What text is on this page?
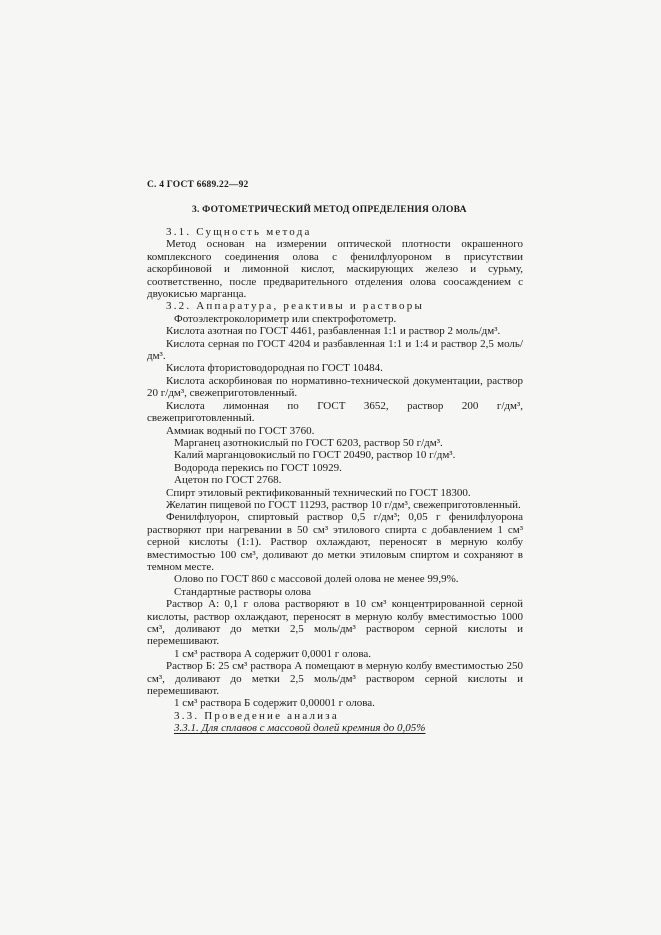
С. 4 ГОСТ 6689.22—92
3. ФОТОМЕТРИЧЕСКИЙ МЕТОД ОПРЕДЕЛЕНИЯ ОЛОВА

3.1. Сущность метода

Метод основан на измерении оптической плотности окрашенного комплексного соединения олова с фенилфлуороном в присутствии аскорбиновой и лимонной кислот, маскирующих железо и сурьму, соответственно, после предварительного отделения олова соосаждением с двуокисью марганца.

3.2. Аппаратура, реактивы и растворы

Фотоэлектроколориметр или спектрофотометр.

Кислота азотная по ГОСТ 4461, разбавленная 1:1 и раствор 2 моль/дм³.

Кислота серная по ГОСТ 4204 и разбавленная 1:1 и 1:4 и раствор 2,5 моль/дм³.

Кислота фтористоводородная по ГОСТ 10484.

Кислота аскорбиновая по нормативно-технической документации, раствор 20 г/дм³, свежеприготовленный.

Кислота лимонная по ГОСТ 3652, раствор 200 г/дм³, свежеприготовленный.

Аммиак водный по ГОСТ 3760.

Марганец азотнокислый по ГОСТ 6203, раствор 50 г/дм³.

Калий марганцовокислый по ГОСТ 20490, раствор 10 г/дм³.

Водорода перекись по ГОСТ 10929.

Ацетон по ГОСТ 2768.

Спирт этиловый ректификованный технический по ГОСТ 18300.

Желатин пищевой по ГОСТ 11293, раствор 10 г/дм³, свежеприготовленный.

Фенилфлуорон, спиртовый раствор 0,5 г/дм³; 0,05 г фенилфлуорона растворяют при нагревании в 50 см³ этилового спирта с добавлением 1 см³ серной кислоты (1:1). Раствор охлаждают, переносят в мерную колбу вместимостью 100 см³, доливают до метки этиловым спиртом и сохраняют в темном месте.

Олово по ГОСТ 860 с массовой долей олова не менее 99,9%.

Стандартные растворы олова

Раствор А: 0,1 г олова растворяют в 10 см³ концентрированной серной кислоты, раствор охлаждают, переносят в мерную колбу вместимостью 1000 см³, доливают до метки 2,5 моль/дм³ раствором серной кислоты и перемешивают.

1 см³ раствора А содержит 0,0001 г олова.

Раствор Б: 25 см³ раствора А помещают в мерную колбу вместимостью 250 см³, доливают до метки 2,5 моль/дм³ раствором серной кислоты и перемешивают.

1 см³ раствора Б содержит 0,00001 г олова.

3.3. Проведение анализа

3.3.1. Для сплавов с массовой долей кремния до 0,05%
